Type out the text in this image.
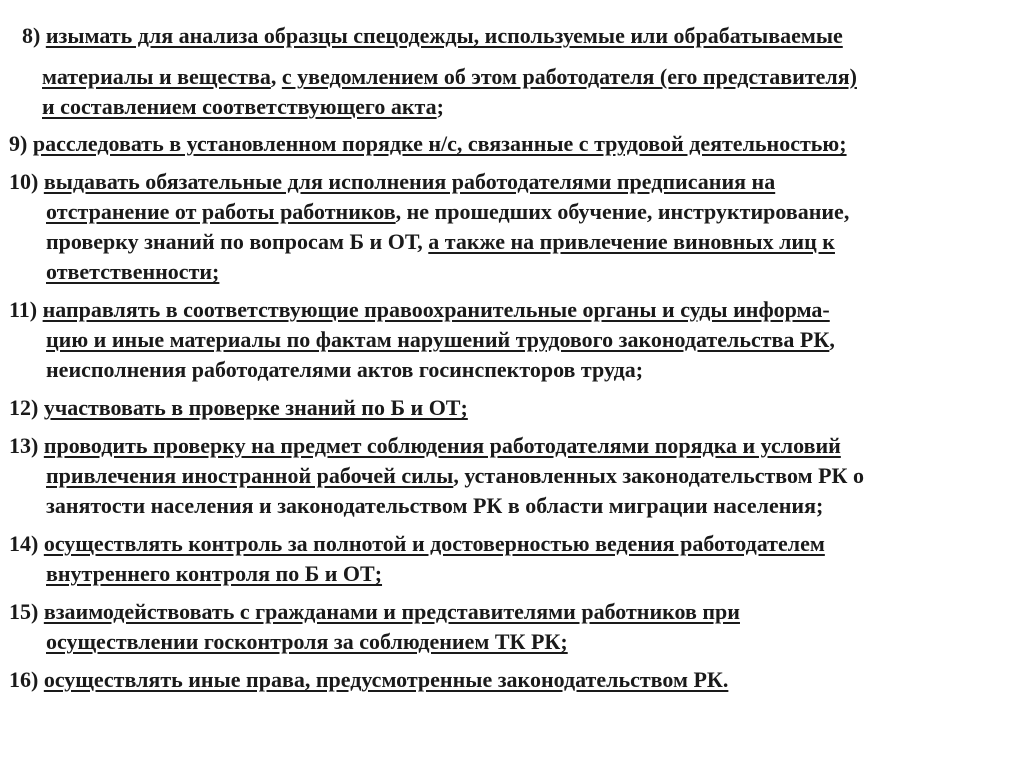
8) изымать для анализа образцы спецодежды, используемые или обрабатываемые
материалы и вещества, с уведомлением об этом работодателя (его представителя)
и составлением соответствующего акта;
9) расследовать в установленном порядке н/с, связанные с трудовой деятельностью;
10) выдавать обязательные для исполнения работодателями предписания на
отстранение от работы работников, не прошедших обучение, инструктирование,
проверку знаний по вопросам Б и ОТ, а также на привлечение виновных лиц к
ответственности;
11) направлять в соответствующие правоохранительные органы и суды информа-
цию и иные материалы по фактам нарушений трудового законодательства РК,
неисполнения работодателями актов госинспекторов труда;
12) участвовать в проверке знаний по Б и ОТ;
13) проводить проверку на предмет соблюдения работодателями порядка и условий
привлечения иностранной рабочей силы, установленных законодательством РК о
занятости населения и законодательством РК в области миграции населения;
14) осуществлять контроль за полнотой и достоверностью ведения работодателем
внутреннего контроля по Б и ОТ;
15) взаимодействовать с гражданами и представителями работников при
осуществлении госконтроля за соблюдением ТК РК;
16) осуществлять иные права, предусмотренные законодательством РК.
